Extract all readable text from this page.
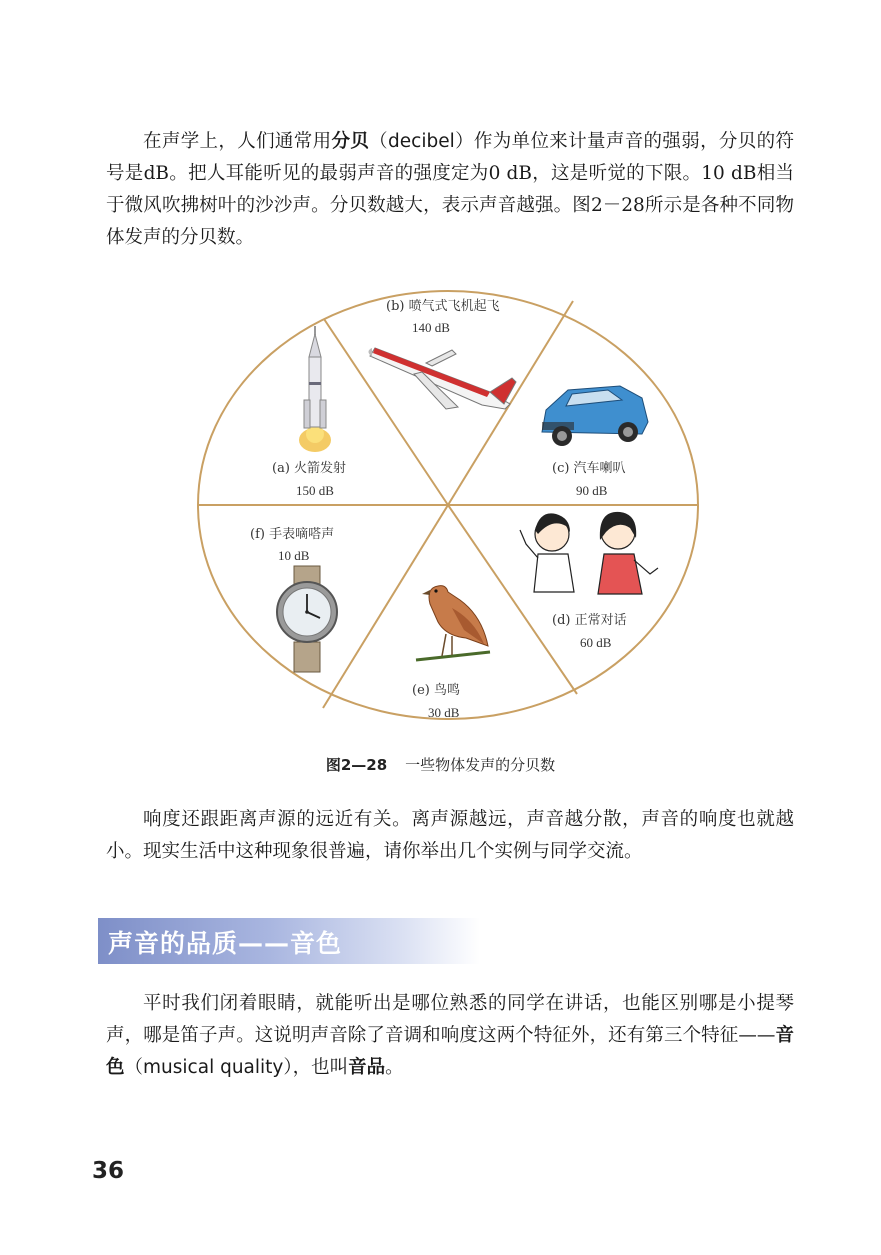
在声学上，人们通常用分贝（decibel）作为单位来计量声音的强弱，分贝的符号是dB。把人耳能听见的最弱声音的强度定为0 dB，这是听觉的下限。10 dB相当于微风吹拂树叶的沙沙声。分贝数越大，表示声音越强。图2－28所示是各种不同物体发声的分贝数。

(b) 喷气式飞机起飞
140 dB
(a) 火箭发射
150 dB
(c) 汽车喇叭
90 dB
(f) 手表嘀嗒声
10 dB
(d) 正常对话
60 dB
(e) 鸟鸣
30 dB
图2—28 一些物体发声的分贝数

响度还跟距离声源的远近有关。离声源越远，声音越分散，声音的响度也就越小。现实生活中这种现象很普遍，请你举出几个实例与同学交流。

声音的品质——音色

平时我们闭着眼睛，就能听出是哪位熟悉的同学在讲话，也能区别哪是小提琴声，哪是笛子声。这说明声音除了音调和响度这两个特征外，还有第三个特征——音色（musical quality），也叫音品。

36
